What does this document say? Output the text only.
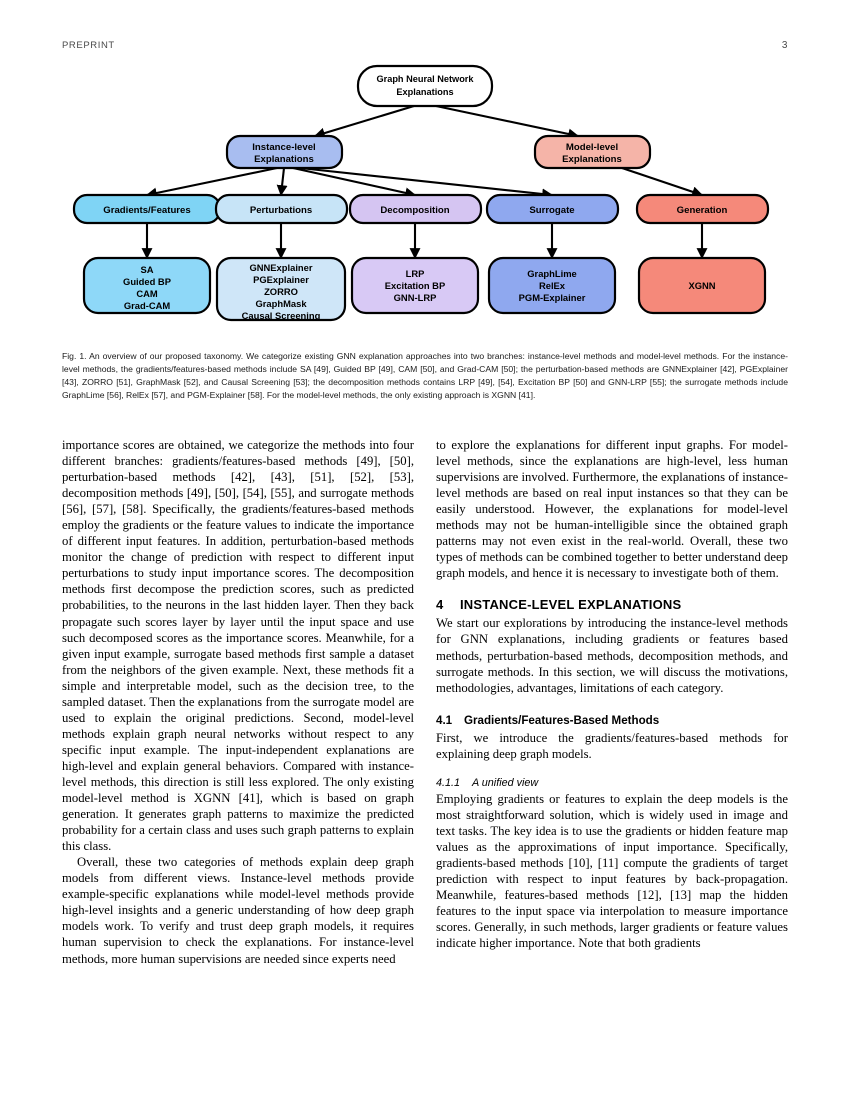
PREPRINT	3
Graph Neural Network
Explanations
Instance-level
Explanations
Model-level
Explanations
Gradients/Features	Perturbations	Decomposition	Surrogate	Generation
SA
Guided BP
CAM
Grad-CAM
GNNExplainer
PGExplainer
ZORRO
GraphMask
Causal Screening
LRP
Excitation BP
GNN-LRP
GraphLime
RelEx
PGM-Explainer
XGNN
Fig. 1. An overview of our proposed taxonomy. We categorize existing GNN explanation approaches into two branches: instance-level methods and model-level methods. For the instance-level methods, the gradients/features-based methods include SA [49], Guided BP [49], CAM [50], and Grad-CAM [50]; the perturbation-based methods are GNNExplainer [42], PGExplainer [43], ZORRO [51], GraphMask [52], and Causal Screening [53]; the decomposition methods contains LRP [49], [54], Excitation BP [50] and GNN-LRP [55]; the surrogate methods include GraphLime [56], RelEx [57], and PGM-Explainer [58]. For the model-level methods, the only existing approach is XGNN [41].

importance scores are obtained, we categorize the methods into four different branches: gradients/features-based methods [49], [50], perturbation-based methods [42], [43], [51], [52], [53], decomposition methods [49], [50], [54], [55], and surrogate methods [56], [57], [58]. Specifically, the gradients/features-based methods employ the gradients or the feature values to indicate the importance of different input features. In addition, perturbation-based methods monitor the change of prediction with respect to different input perturbations to study input importance scores. The decomposition methods first decompose the prediction scores, such as predicted probabilities, to the neurons in the last hidden layer. Then they back propagate such scores layer by layer until the input space and use such decomposed scores as the importance scores. Meanwhile, for a given input example, surrogate based methods first sample a dataset from the neighbors of the given example. Next, these methods fit a simple and interpretable model, such as the decision tree, to the sampled dataset. Then the explanations from the surrogate model are used to explain the original predictions. Second, model-level methods explain graph neural networks without respect to any specific input example. The input-independent explanations are high-level and explain general behaviors. Compared with instance-level methods, this direction is still less explored. The only existing model-level method is XGNN [41], which is based on graph generation. It generates graph patterns to maximize the predicted probability for a certain class and uses such graph patterns to explain this class.

Overall, these two categories of methods explain deep graph models from different views. Instance-level methods provide example-specific explanations while model-level methods provide high-level insights and a generic understanding of how deep graph models work. To verify and trust deep graph models, it requires human supervision to check the explanations. For instance-level methods, more human supervisions are needed since experts need

to explore the explanations for different input graphs. For model-level methods, since the explanations are high-level, less human supervisions are involved. Furthermore, the explanations of instance-level methods are based on real input instances so that they can be easily understood. However, the explanations for model-level methods may not be human-intelligible since the obtained graph patterns may not even exist in the real-world. Overall, these two types of methods can be combined together to better understand deep graph models, and hence it is necessary to investigate both of them.

4 INSTANCE-LEVEL EXPLANATIONS

We start our explorations by introducing the instance-level methods for GNN explanations, including gradients or features based methods, perturbation-based methods, decomposition methods, and surrogate methods. In this section, we will discuss the motivations, methodologies, advantages, limitations of each category.

4.1 Gradients/Features-Based Methods

First, we introduce the gradients/features-based methods for explaining deep graph models.

4.1.1 A unified view

Employing gradients or features to explain the deep models is the most straightforward solution, which is widely used in image and text tasks. The key idea is to use the gradients or hidden feature map values as the approximations of input importance. Specifically, gradients-based methods [10], [11] compute the gradients of target prediction with respect to input features by back-propagation. Meanwhile, features-based methods [12], [13] map the hidden features to the input space via interpolation to measure importance scores. Generally, in such methods, larger gradients or feature values indicate higher importance. Note that both gradients
